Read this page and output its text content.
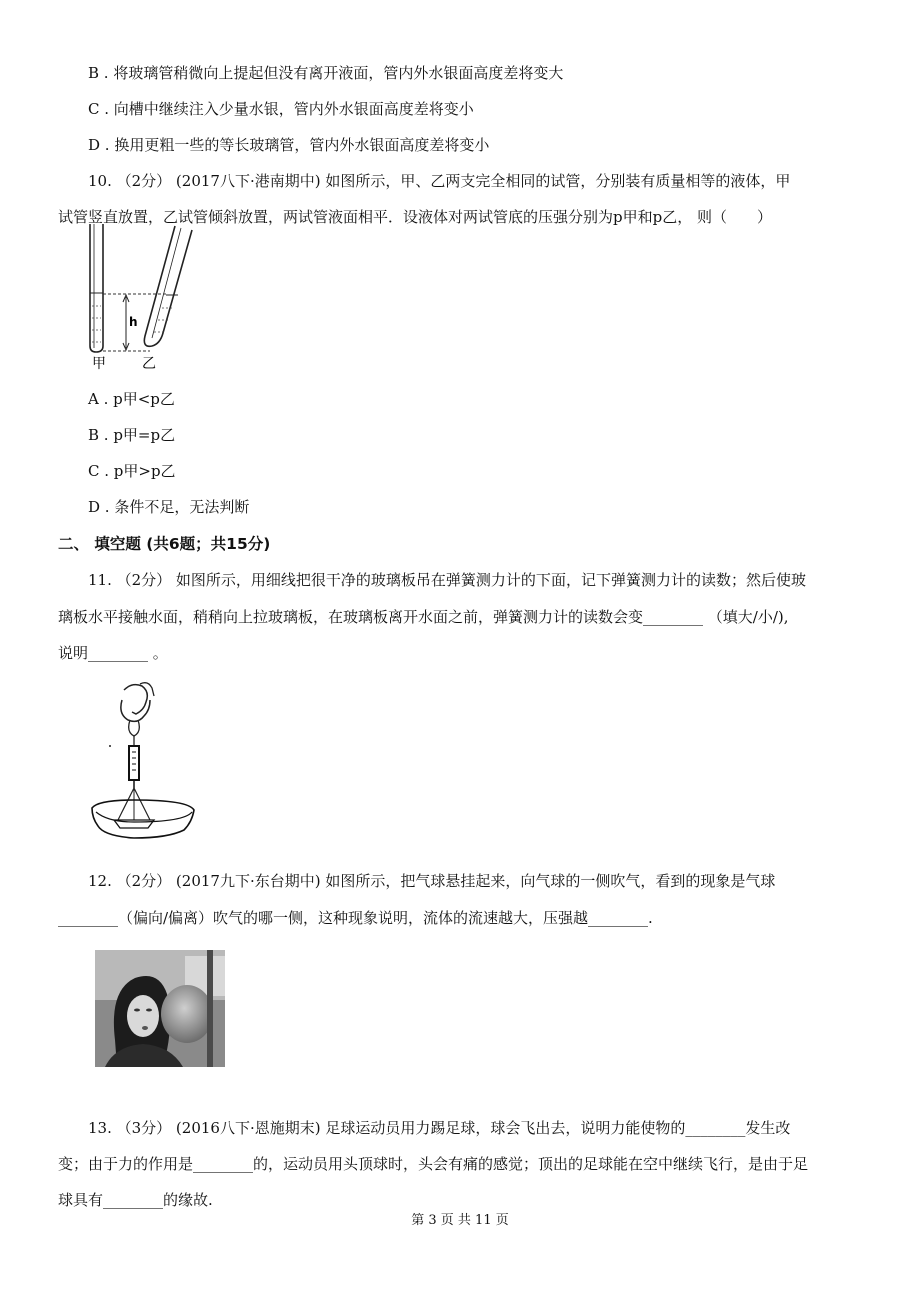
B . 将玻璃管稍微向上提起但没有离开液面，管内外水银面高度差将变大
C . 向槽中继续注入少量水银，管内外水银面高度差将变小
D . 换用更粗一些的等长玻璃管，管内外水银面高度差将变小
10. （2分） (2017八下·港南期中) 如图所示，甲、乙两支完全相同的试管，分别装有质量相等的液体，甲
试管竖直放置，乙试管倾斜放置，两试管液面相平．设液体对两试管底的压强分别为p甲和p乙， 则（　　）
h
甲	乙
A . p甲<p乙
B . p甲=p乙
C . p甲>p乙
D . 条件不足，无法判断
二、 填空题 (共6题；共15分)
11. （2分） 如图所示，用细线把很干净的玻璃板吊在弹簧测力计的下面，记下弹簧测力计的读数；然后使玻
璃板水平接触水面，稍稍向上拉玻璃板，在玻璃板离开水面之前，弹簧测力计的读数会变________ （填大/小/),
说明________ 。
12. （2分） (2017九下·东台期中) 如图所示，把气球悬挂起来，向气球的一侧吹气，看到的现象是气球
________（偏向/偏离）吹气的哪一侧，这种现象说明，流体的流速越大，压强越________.
13. （3分） (2016八下·恩施期末) 足球运动员用力踢足球，球会飞出去，说明力能使物的________发生改
变；由于力的作用是________的，运动员用头顶球时，头会有痛的感觉；顶出的足球能在空中继续飞行，是由于足
球具有________的缘故.
第 3 页 共 11 页
